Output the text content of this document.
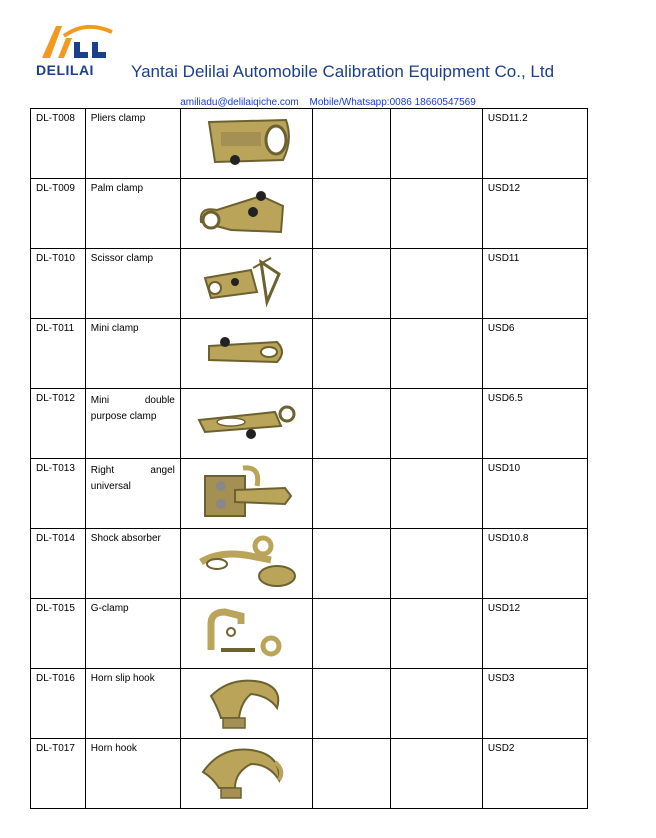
DELILAI Yantai Delilai Automobile Calibration Equipment Co., Ltd
amiliadu@delilaiqiche.com Mobile/Whatsapp:0086 18660547569
DL-T008	Pliers clamp				USD11.2
DL-T009	Palm clamp				USD12
DL-T010	Scissor clamp				USD11
DL-T011	Mini clamp				USD6
DL-T012	Mini double purpose clamp				USD6.5
DL-T013	Right angel universal				USD10
DL-T014	Shock absorber				USD10.8
DL-T015	G-clamp				USD12
DL-T016	Horn slip hook				USD3
DL-T017	Horn hook				USD2
